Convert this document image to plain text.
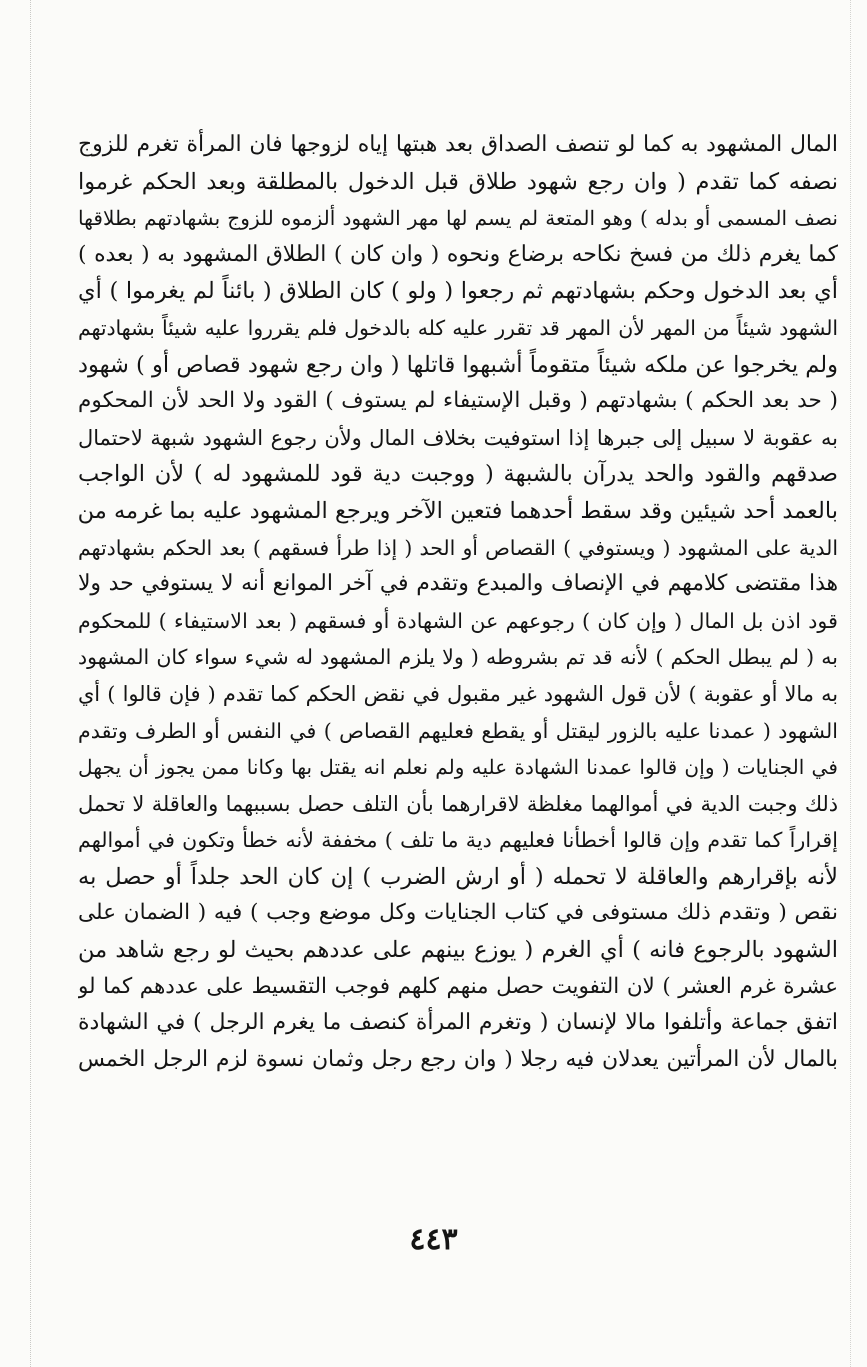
المال المشهود به كما لو تنصف الصداق بعد هبتها إياه لزوجها فان المرأة تغرم للزوج
نصفه كما تقدم ( وان رجع شهود طلاق قبل الدخول بالمطلقة وبعد الحكم غرموا
نصف المسمى أو بدله ) وهو المتعة لم يسم لها مهر الشهود ألزموه للزوج بشهادتهم بطلاقها
كما يغرم ذلك من فسخ نكاحه برضاع ونحوه ( وان كان ) الطلاق المشهود به ( بعده )
أي بعد الدخول وحكم بشهادتهم ثم رجعوا ( ولو ) كان الطلاق ( بائناً لم يغرموا ) أي
الشهود شيئاً من المهر لأن المهر قد تقرر عليه كله بالدخول فلم يقرروا عليه شيئاً بشهادتهم
ولم يخرجوا عن ملكه شيئاً متقوماً أشبهوا قاتلها ( وان رجع شهود قصاص أو ) شهود
( حد بعد الحكم ) بشهادتهم ( وقبل الإستيفاء لم يستوف ) القود ولا الحد لأن المحكوم
به عقوبة لا سبيل إلى جبرها إذا استوفيت بخلاف المال ولأن رجوع الشهود شبهة لاحتمال
صدقهم والقود والحد يدرآن بالشبهة ( ووجبت دية قود للمشهود له ) لأن الواجب
بالعمد أحد شيئين وقد سقط أحدهما فتعين الآخر ويرجع المشهود عليه بما غرمه من
الدية على المشهود ( ويستوفي ) القصاص أو الحد ( إذا طرأ فسقهم ) بعد الحكم بشهادتهم
هذا مقتضى كلامهم في الإنصاف والمبدع وتقدم في آخر الموانع أنه لا يستوفي حد ولا
قود اذن بل المال ( وإن كان ) رجوعهم عن الشهادة أو فسقهم ( بعد الاستيفاء ) للمحكوم
به ( لم يبطل الحكم ) لأنه قد تم بشروطه ( ولا يلزم المشهود له شيء سواء كان المشهود
به مالا أو عقوبة ) لأن قول الشهود غير مقبول في نقض الحكم كما تقدم ( فإن قالوا ) أي
الشهود ( عمدنا عليه بالزور ليقتل أو يقطع فعليهم القصاص ) في النفس أو الطرف وتقدم
في الجنايات ( وإن قالوا عمدنا الشهادة عليه ولم نعلم انه يقتل بها وكانا ممن يجوز أن يجهل
ذلك وجبت الدية في أموالهما مغلظة لاقرارهما بأن التلف حصل بسببهما والعاقلة لا تحمل
إقراراً كما تقدم وإن قالوا أخطأنا فعليهم دية ما تلف ) مخففة لأنه خطأ وتكون في أموالهم
لأنه بإقرارهم والعاقلة لا تحمله ( أو ارش الضرب ) إن كان الحد جلداً أو حصل به
نقص ( وتقدم ذلك مستوفى في كتاب الجنايات وكل موضع وجب ) فيه ( الضمان على
الشهود بالرجوع فانه ) أي الغرم ( يوزع بينهم على عددهم بحيث لو رجع شاهد من
عشرة غرم العشر ) لان التفويت حصل منهم كلهم فوجب التقسيط على عددهم كما لو
اتفق جماعة وأتلفوا مالا لإنسان ( وتغرم المرأة كنصف ما يغرم الرجل ) في الشهادة
بالمال لأن المرأتين يعدلان فيه رجلا ( وان رجع رجل وثمان نسوة لزم الرجل الخمس
٤٤٣
